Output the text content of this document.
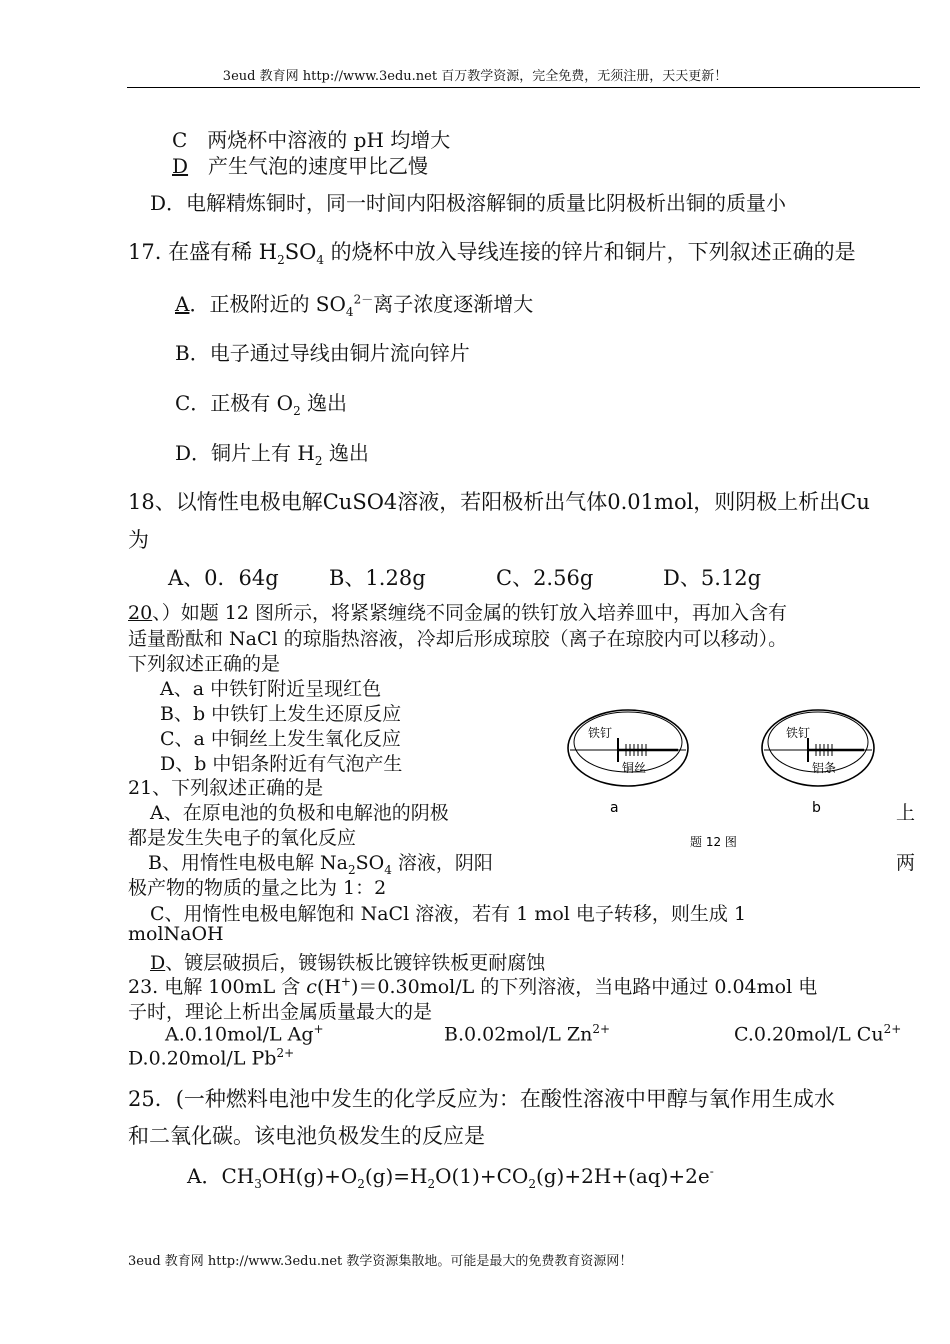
3eud 教育网 http://www.3edu.net 百万教学资源，完全免费，无须注册，天天更新！
C　两烧杯中溶液的 pH 均增大
D　产生气泡的速度甲比乙慢
D．电解精炼铜时，同一时间内阳极溶解铜的质量比阴极析出铜的质量小
17. 在盛有稀 $H_2SO_4$ 的烧杯中放入导线连接的锌片和铜片，下列叙述正确的是
A．正极附近的 $SO_4^{2-}$离子浓度逐渐增大
B．电子通过导线由铜片流向锌片
C．正极有 $O_2$ 逸出
D．铜片上有 $H_2$ 逸出
18、以惰性电极电解CuSO4溶液，若阳极析出气体0.01mol，则阴极上析出Cu
为
A、0．64g B、1.28g	C、2.56g	D、5.12g
20、）如题 12 图所示，将紧紧缠绕不同金属的铁钉放入培养皿中，再加入含有
适量酚酞和 NaCl 的琼脂热溶液，冷却后形成琼胶（离子在琼胶内可以移动）。
下列叙述正确的是
A、a 中铁钉附近呈现红色
B、b 中铁钉上发生还原反应
C、a 中铜丝上发生氧化反应
D、b 中铝条附近有气泡产生
铁钉
铜丝
铁钉
铝条
a	b
题 12 图
21、下列叙述正确的是
A、在原电池的负极和电解池的阴极	上
都是发生失电子的氧化反应
B、用惰性电极电解 $Na_2SO_4$ 溶液，阴阳	两
极产物的物质的量之比为 1：2
C、用惰性电极电解饱和 NaCl 溶液，若有 1 mol 电子转移，则生成 1
molNaOH
D、镀层破损后，镀锡铁板比镀锌铁板更耐腐蚀
23. 电解 100mL 含 c(H+)＝0.30mol/L 的下列溶液，当电路中通过 0.04mol 电
子时，理论上析出金属质量最大的是
A.0.10mol/L Ag+	B.0.02mol/L $Zn^{2+}$	C.0.20mol/L $Cu^{2+}$
D.0.20mol/L $Pb^{2+}$
25．(一种燃料电池中发生的化学反应为：在酸性溶液中甲醇与氧作用生成水
和二氧化碳。该电池负极发生的反应是
A．$CH_3OH(g)+O_2(g)=H_2O(1)+CO_2(g)+2H+(aq)+2e^-$
3eud 教育网 http://www.3edu.net 教学资源集散地。可能是最大的免费教育资源网！
